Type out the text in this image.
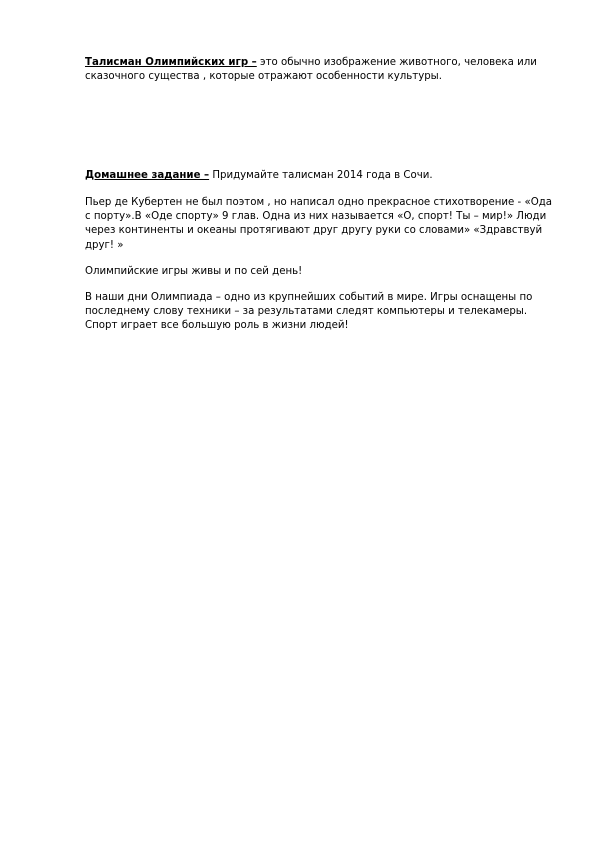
Талисман Олимпийских игр – это обычно изображение животного, человека или сказочного существа , которые отражают особенности культуры.

Домашнее задание – Придумайте талисман 2014 года в Сочи.

Пьер де Кубертен не был поэтом , но написал одно прекрасное стихотворение - «Ода с порту».В «Оде спорту» 9 глав. Одна из них называется «О, спорт! Ты – мир!» Люди через континенты и океаны протягивают друг другу руки со словами» «Здравствуй друг! »

Олимпийские игры живы и по сей день!

В наши дни Олимпиада – одно из крупнейших событий в мире. Игры оснащены по последнему слову техники – за результатами следят компьютеры и телекамеры. Спорт играет все большую роль в жизни людей!
